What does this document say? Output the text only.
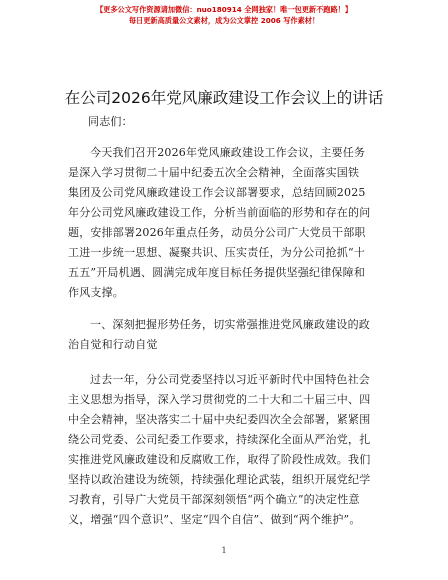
【更多公文写作资源请加微信：nuo180914 全网独家！唯一包更新不跑路！】
每日更新高质量公文素材，成为公文掌控 2006 写作素材！
在公司2026年党风廉政建设工作会议上的讲话
同志们：
今天我们召开2026年党风廉政建设工作会议，主要任务
是深入学习贯彻二十届中纪委五次全会精神，全面落实国铁
集团及公司党风廉政建设工作会议部署要求，总结回顾2025
年分公司党风廉政建设工作，分析当前面临的形势和存在的问
题，安排部署2026年重点任务，动员分公司广大党员干部职
工进一步统一思想、凝聚共识、压实责任，为分公司抢抓“十
五五”开局机遇、圆满完成年度目标任务提供坚强纪律保障和
作风支撑。
一、深刻把握形势任务，切实常强推进党风廉政建设的政
治自觉和行动自觉
过去一年，分公司党委坚持以习近平新时代中国特色社会
主义思想为指导，深入学习贯彻党的二十大和二十届三中、四
中全会精神，坚决落实二十届中央纪委四次全会部署，紧紧围
绕公司党委、公司纪委工作要求，持续深化全面从严治党，扎
实推进党风廉政建设和反腐败工作，取得了阶段性成效。我们
坚持以政治建设为统领，持续强化理论武装，组织开展党纪学
习教育，引导广大党员干部深刻领悟“两个确立”的决定性意
义，增强“四个意识”、坚定“四个自信”、做到“两个维护”。
1
